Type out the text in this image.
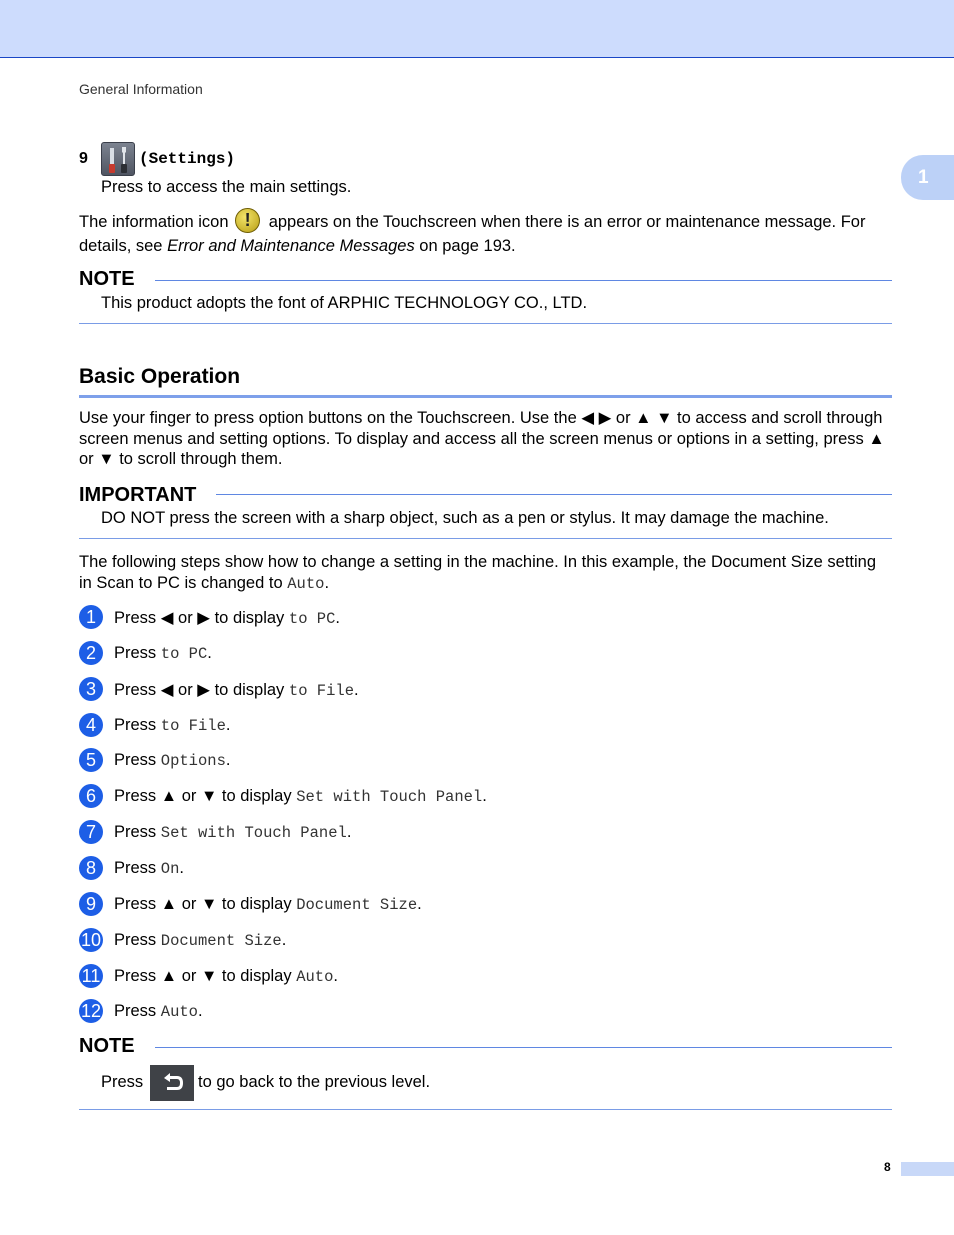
1
General Information
9	(Settings)
Press to access the main settings.
The information icon ! appears on the Touchscreen when there is an error or maintenance message. For details, see Error and Maintenance Messages on page 193.
NOTE
This product adopts the font of ARPHIC TECHNOLOGY CO., LTD.
Basic Operation
Use your finger to press option buttons on the Touchscreen. Use the ◀ ▶ or ▲ ▼ to access and scroll through screen menus and setting options. To display and access all the screen menus or options in a setting, press ▲ or ▼ to scroll through them.
IMPORTANT
DO NOT press the screen with a sharp object, such as a pen or stylus. It may damage the machine.
The following steps show how to change a setting in the machine. In this example, the Document Size setting in Scan to PC is changed to Auto.
1	Press ◀ or ▶ to display to PC.
2	Press to PC.
3	Press ◀ or ▶ to display to File.
4	Press to File.
5	Press Options.
6	Press ▲ or ▼ to display Set with Touch Panel.
7	Press Set with Touch Panel.
8	Press On.
9	Press ▲ or ▼ to display Document Size.
10 Press Document Size.
11 Press ▲ or ▼ to display Auto.
12 Press Auto.
NOTE
Press	to go back to the previous level.
8
